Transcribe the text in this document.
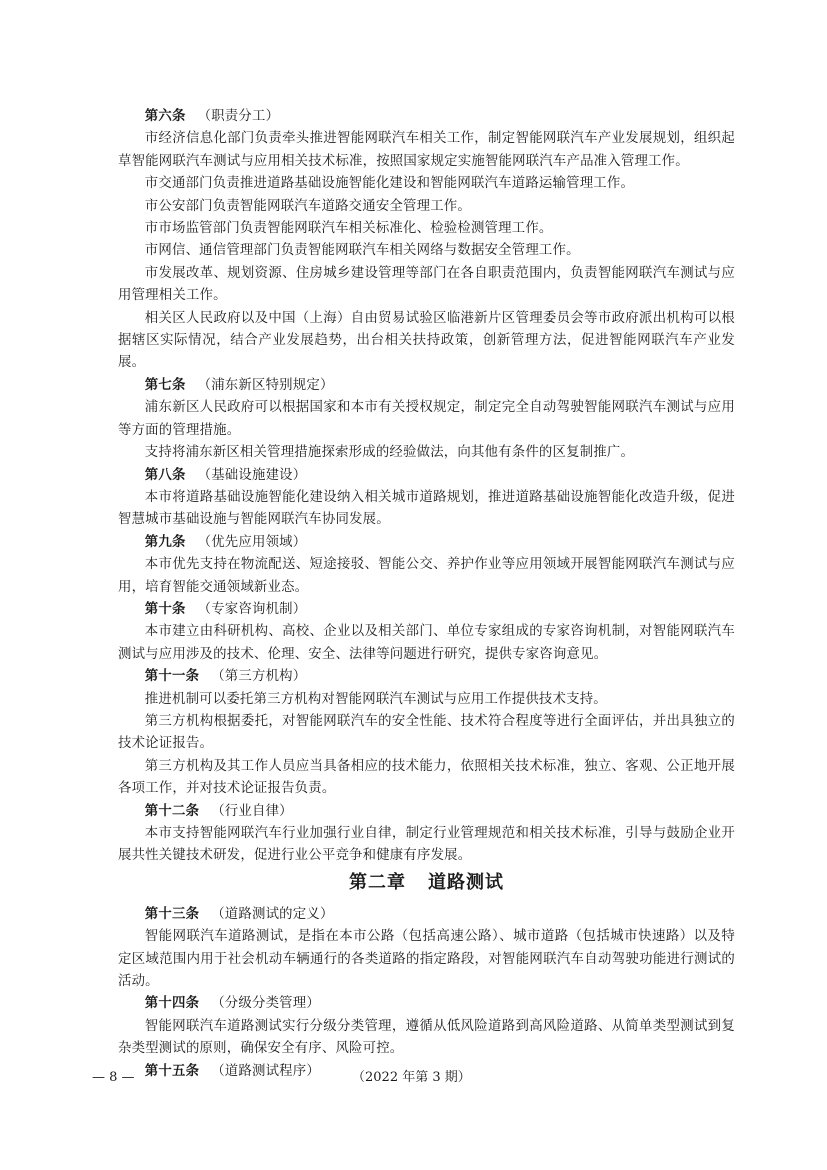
第六条 （职责分工）

市经济信息化部门负责牵头推进智能网联汽车相关工作，制定智能网联汽车产业发展规划，组织起草智能网联汽车测试与应用相关技术标准，按照国家规定实施智能网联汽车产品准入管理工作。

市交通部门负责推进道路基础设施智能化建设和智能网联汽车道路运输管理工作。

市公安部门负责智能网联汽车道路交通安全管理工作。

市市场监管部门负责智能网联汽车相关标准化、检验检测管理工作。

市网信、通信管理部门负责智能网联汽车相关网络与数据安全管理工作。

市发展改革、规划资源、住房城乡建设管理等部门在各自职责范围内，负责智能网联汽车测试与应用管理相关工作。

相关区人民政府以及中国（上海）自由贸易试验区临港新片区管理委员会等市政府派出机构可以根据辖区实际情况，结合产业发展趋势，出台相关扶持政策，创新管理方法，促进智能网联汽车产业发展。

第七条 （浦东新区特别规定）

浦东新区人民政府可以根据国家和本市有关授权规定，制定完全自动驾驶智能网联汽车测试与应用等方面的管理措施。

支持将浦东新区相关管理措施探索形成的经验做法，向其他有条件的区复制推广。

第八条 （基础设施建设）

本市将道路基础设施智能化建设纳入相关城市道路规划，推进道路基础设施智能化改造升级，促进智慧城市基础设施与智能网联汽车协同发展。

第九条 （优先应用领域）

本市优先支持在物流配送、短途接驳、智能公交、养护作业等应用领域开展智能网联汽车测试与应用，培育智能交通领域新业态。

第十条 （专家咨询机制）

本市建立由科研机构、高校、企业以及相关部门、单位专家组成的专家咨询机制，对智能网联汽车测试与应用涉及的技术、伦理、安全、法律等问题进行研究，提供专家咨询意见。

第十一条 （第三方机构）

推进机制可以委托第三方机构对智能网联汽车测试与应用工作提供技术支持。

第三方机构根据委托，对智能网联汽车的安全性能、技术符合程度等进行全面评估，并出具独立的技术论证报告。

第三方机构及其工作人员应当具备相应的技术能力，依照相关技术标准，独立、客观、公正地开展各项工作，并对技术论证报告负责。

第十二条 （行业自律）

本市支持智能网联汽车行业加强行业自律，制定行业管理规范和相关技术标准，引导与鼓励企业开展共性关键技术研发，促进行业公平竞争和健康有序发展。

第二章 道路测试

第十三条 （道路测试的定义）

智能网联汽车道路测试，是指在本市公路（包括高速公路）、城市道路（包括城市快速路）以及特定区域范围内用于社会机动车辆通行的各类道路的指定路段，对智能网联汽车自动驾驶功能进行测试的活动。

第十四条 （分级分类管理）

智能网联汽车道路测试实行分级分类管理，遵循从低风险道路到高风险道路、从简单类型测试到复杂类型测试的原则，确保安全有序、风险可控。

第十五条 （道路测试程序）

— 8 —	（2022 年第 3 期）
